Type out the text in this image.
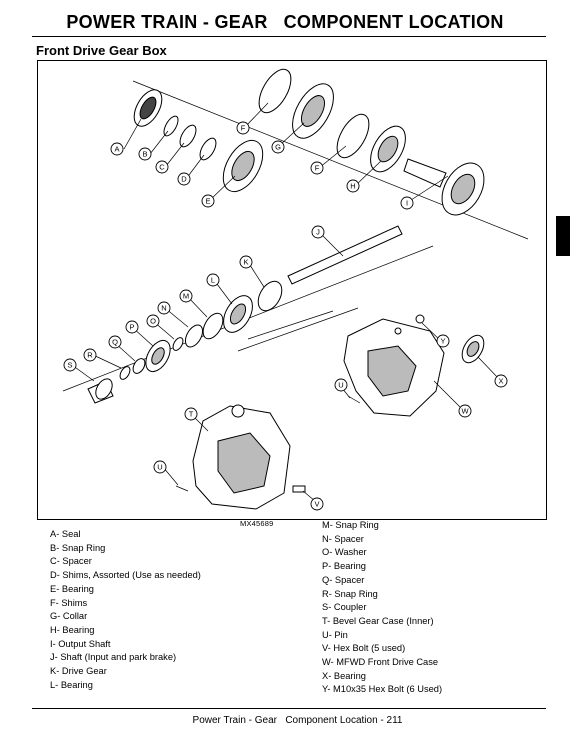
POWER TRAIN - GEAR   COMPONENT LOCATION
Front Drive Gear Box
A
B
C
D
E
F
G
F
H
I
J
K
L
M
N
O
P
Q
R
S
T
U
U
V
W
X
Y
MX45689
A- Seal
B- Snap Ring
C- Spacer
D- Shims, Assorted (Use as needed)
E- Bearing
F- Shims
G- Collar
H- Bearing
I- Output Shaft
J- Shaft (Input and park brake)
K- Drive Gear
L- Bearing
M- Snap Ring
N- Spacer
O- Washer
P- Bearing
Q- Spacer
R- Snap Ring
S- Coupler
T- Bevel Gear Case (Inner)
U- Pin
V- Hex Bolt (5 used)
W- MFWD Front Drive Case
X- Bearing
Y- M10x35 Hex Bolt (6 Used)
Power Train - Gear   Component Location - 211
